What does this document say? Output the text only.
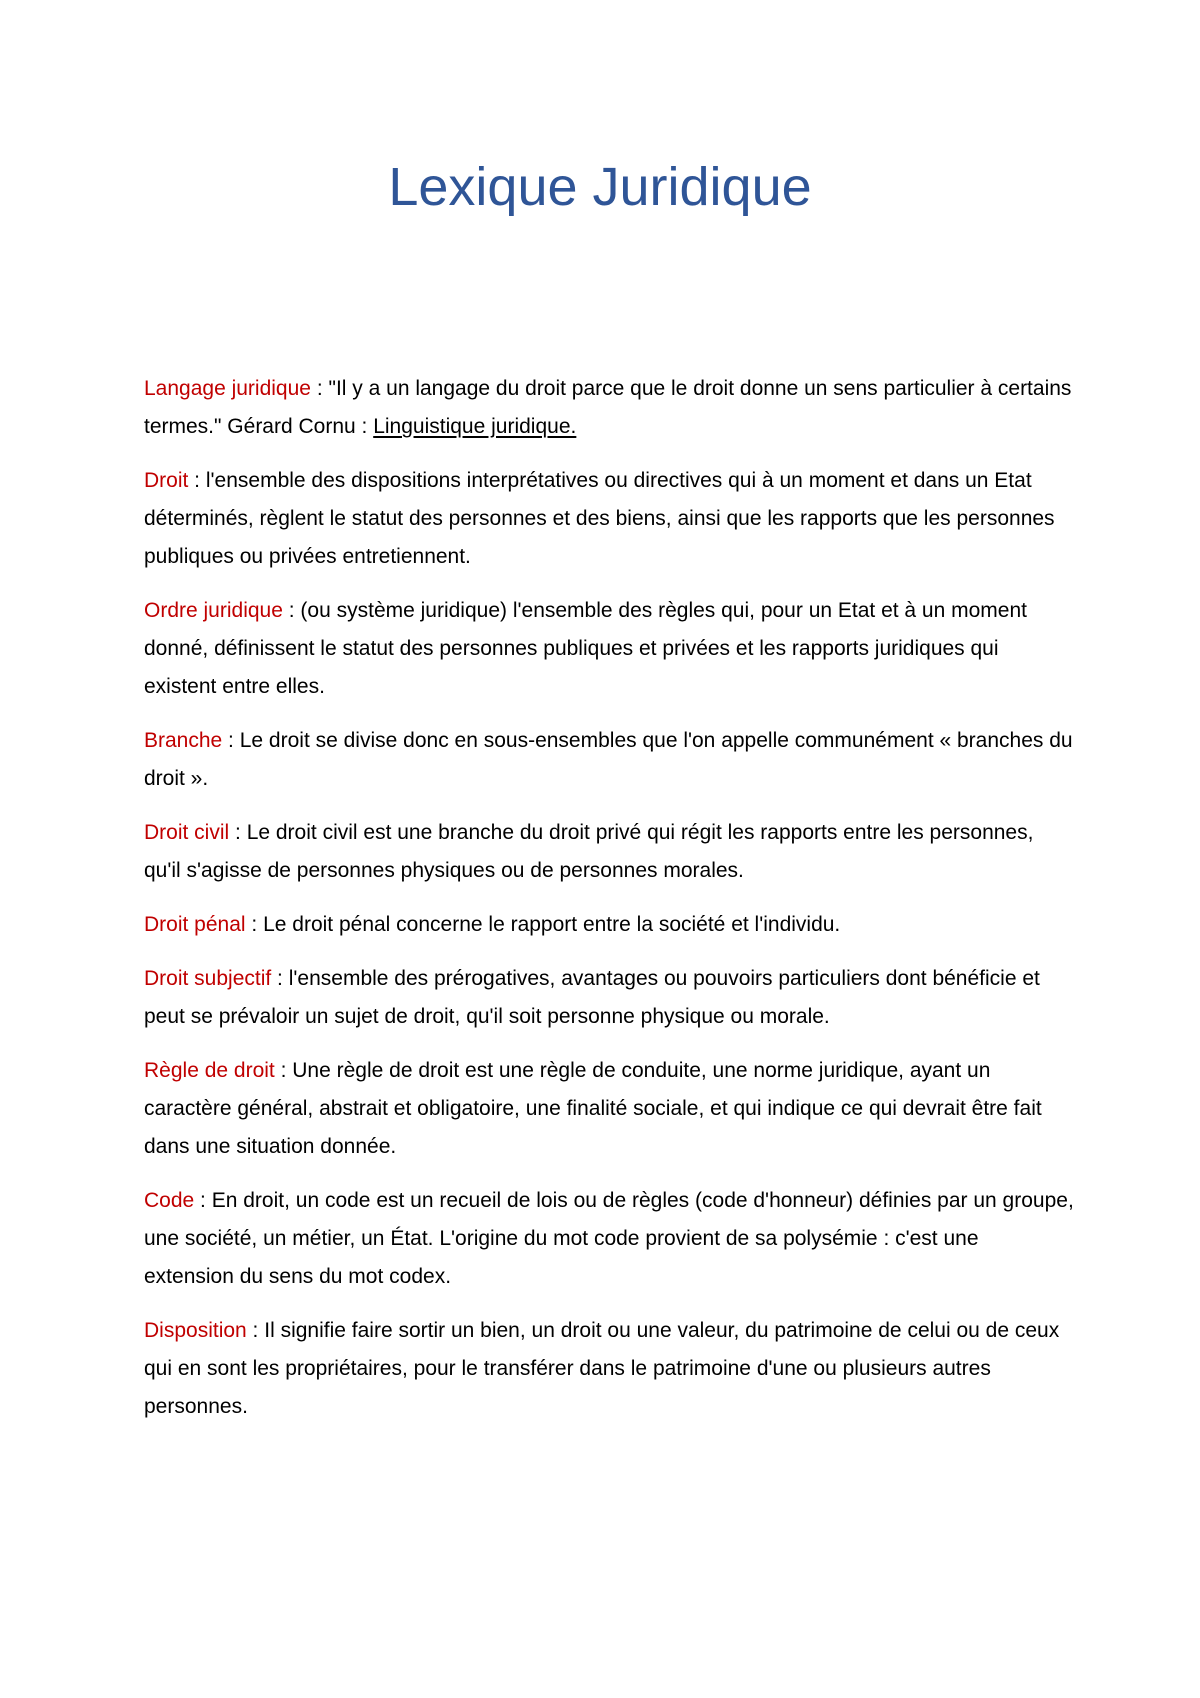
Lexique Juridique

Langage juridique : "Il y a un langage du droit parce que le droit donne un sens particulier à certains termes." Gérard Cornu : Linguistique juridique.

Droit : l'ensemble des dispositions interprétatives ou directives qui à un moment et dans un Etat déterminés, règlent le statut des personnes et des biens, ainsi que les rapports que les personnes publiques ou privées entretiennent.

Ordre juridique : (ou système juridique) l'ensemble des règles qui, pour un Etat et à un moment donné, définissent le statut des personnes publiques et privées et les rapports juridiques qui existent entre elles.

Branche : Le droit se divise donc en sous-ensembles que l'on appelle communément « branches du droit ».

Droit civil : Le droit civil est une branche du droit privé qui régit les rapports entre les personnes, qu'il s'agisse de personnes physiques ou de personnes morales.

Droit pénal : Le droit pénal concerne le rapport entre la société et l'individu.

Droit subjectif : l'ensemble des prérogatives, avantages ou pouvoirs particuliers dont bénéficie et peut se prévaloir un sujet de droit, qu'il soit personne physique ou morale.

Règle de droit : Une règle de droit est une règle de conduite, une norme juridique, ayant un caractère général, abstrait et obligatoire, une finalité sociale, et qui indique ce qui devrait être fait dans une situation donnée.

Code : En droit, un code est un recueil de lois ou de règles (code d'honneur) définies par un groupe, une société, un métier, un État. L'origine du mot code provient de sa polysémie : c'est une extension du sens du mot codex.

Disposition : Il signifie faire sortir un bien, un droit ou une valeur, du patrimoine de celui ou de ceux qui en sont les propriétaires, pour le transférer dans le patrimoine d'une ou plusieurs autres personnes.
